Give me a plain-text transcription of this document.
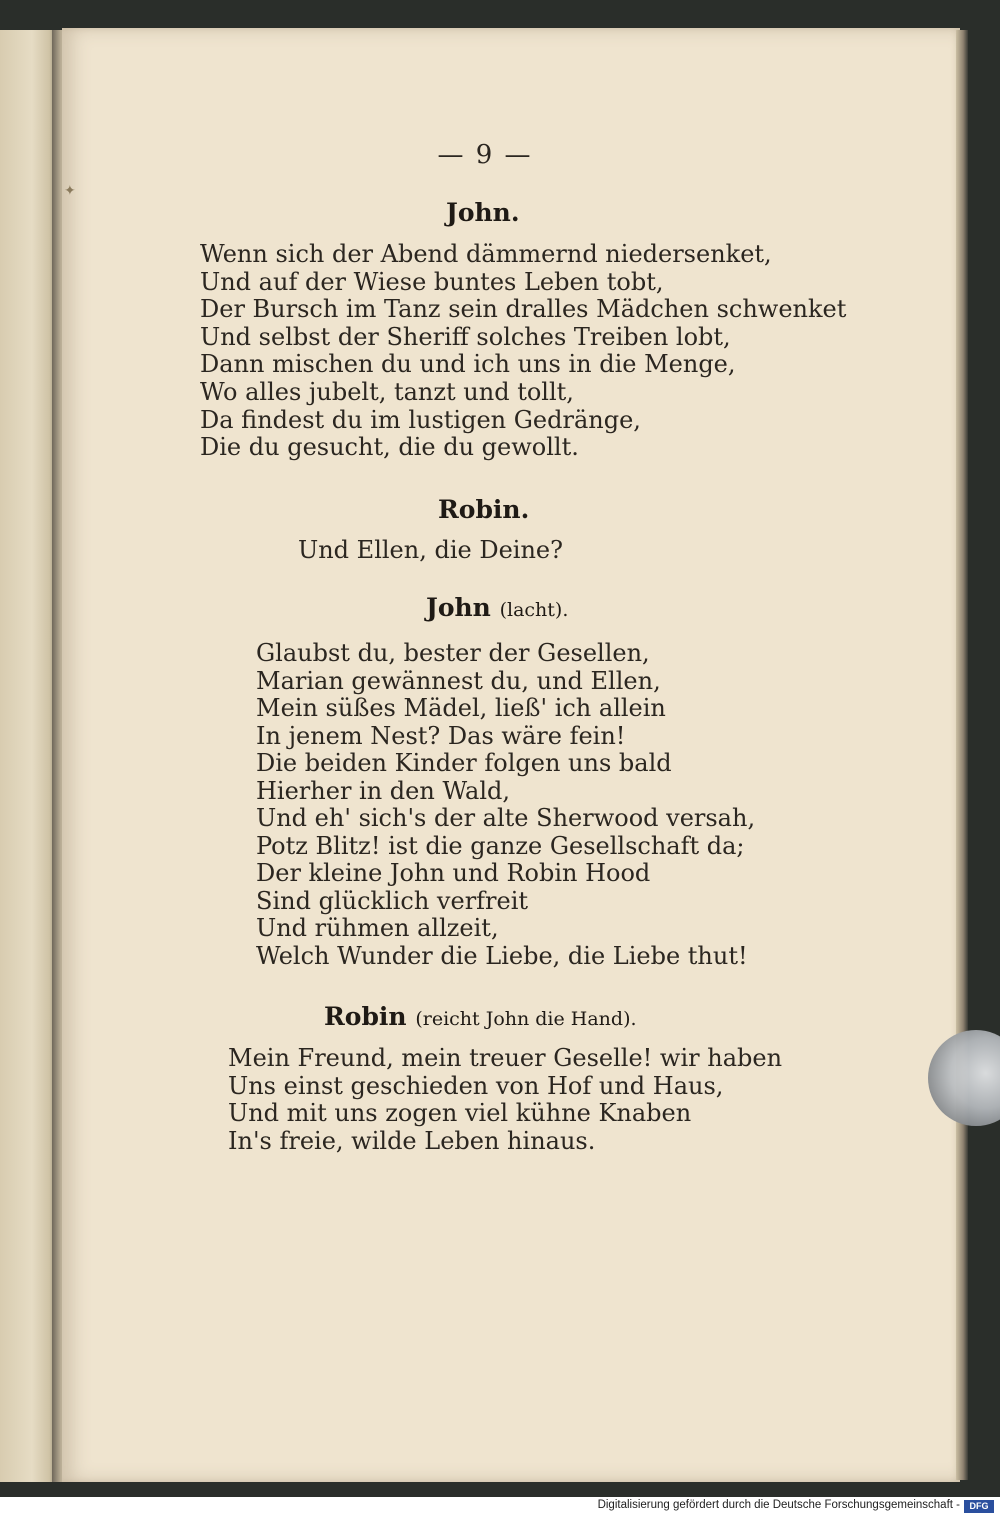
✦
— 9 —
John.
Wenn sich der Abend dämmernd niedersenket,
Und auf der Wiese buntes Leben tobt,
Der Bursch im Tanz sein dralles Mädchen schwenket
Und selbst der Sheriff solches Treiben lobt,
Dann mischen du und ich uns in die Menge,
Wo alles jubelt, tanzt und tollt,
Da findest du im lustigen Gedränge,
Die du gesucht, die du gewollt.
Robin.
Und Ellen, die Deine?
John (lacht).
Glaubst du, bester der Gesellen,
Marian gewännest du, und Ellen,
Mein süßes Mädel, ließ' ich allein
In jenem Nest? Das wäre fein!
Die beiden Kinder folgen uns bald
Hierher in den Wald,
Und eh' sich's der alte Sherwood versah,
Potz Blitz! ist die ganze Gesellschaft da;
Der kleine John und Robin Hood
Sind glücklich verfreit
Und rühmen allzeit,
Welch Wunder die Liebe, die Liebe thut!
Robin (reicht John die Hand).
Mein Freund, mein treuer Geselle! wir haben
Uns einst geschieden von Hof und Haus,
Und mit uns zogen viel kühne Knaben
In's freie, wilde Leben hinaus.
Digitalisierung gefördert durch die Deutsche Forschungsgemeinschaft -	DFG
